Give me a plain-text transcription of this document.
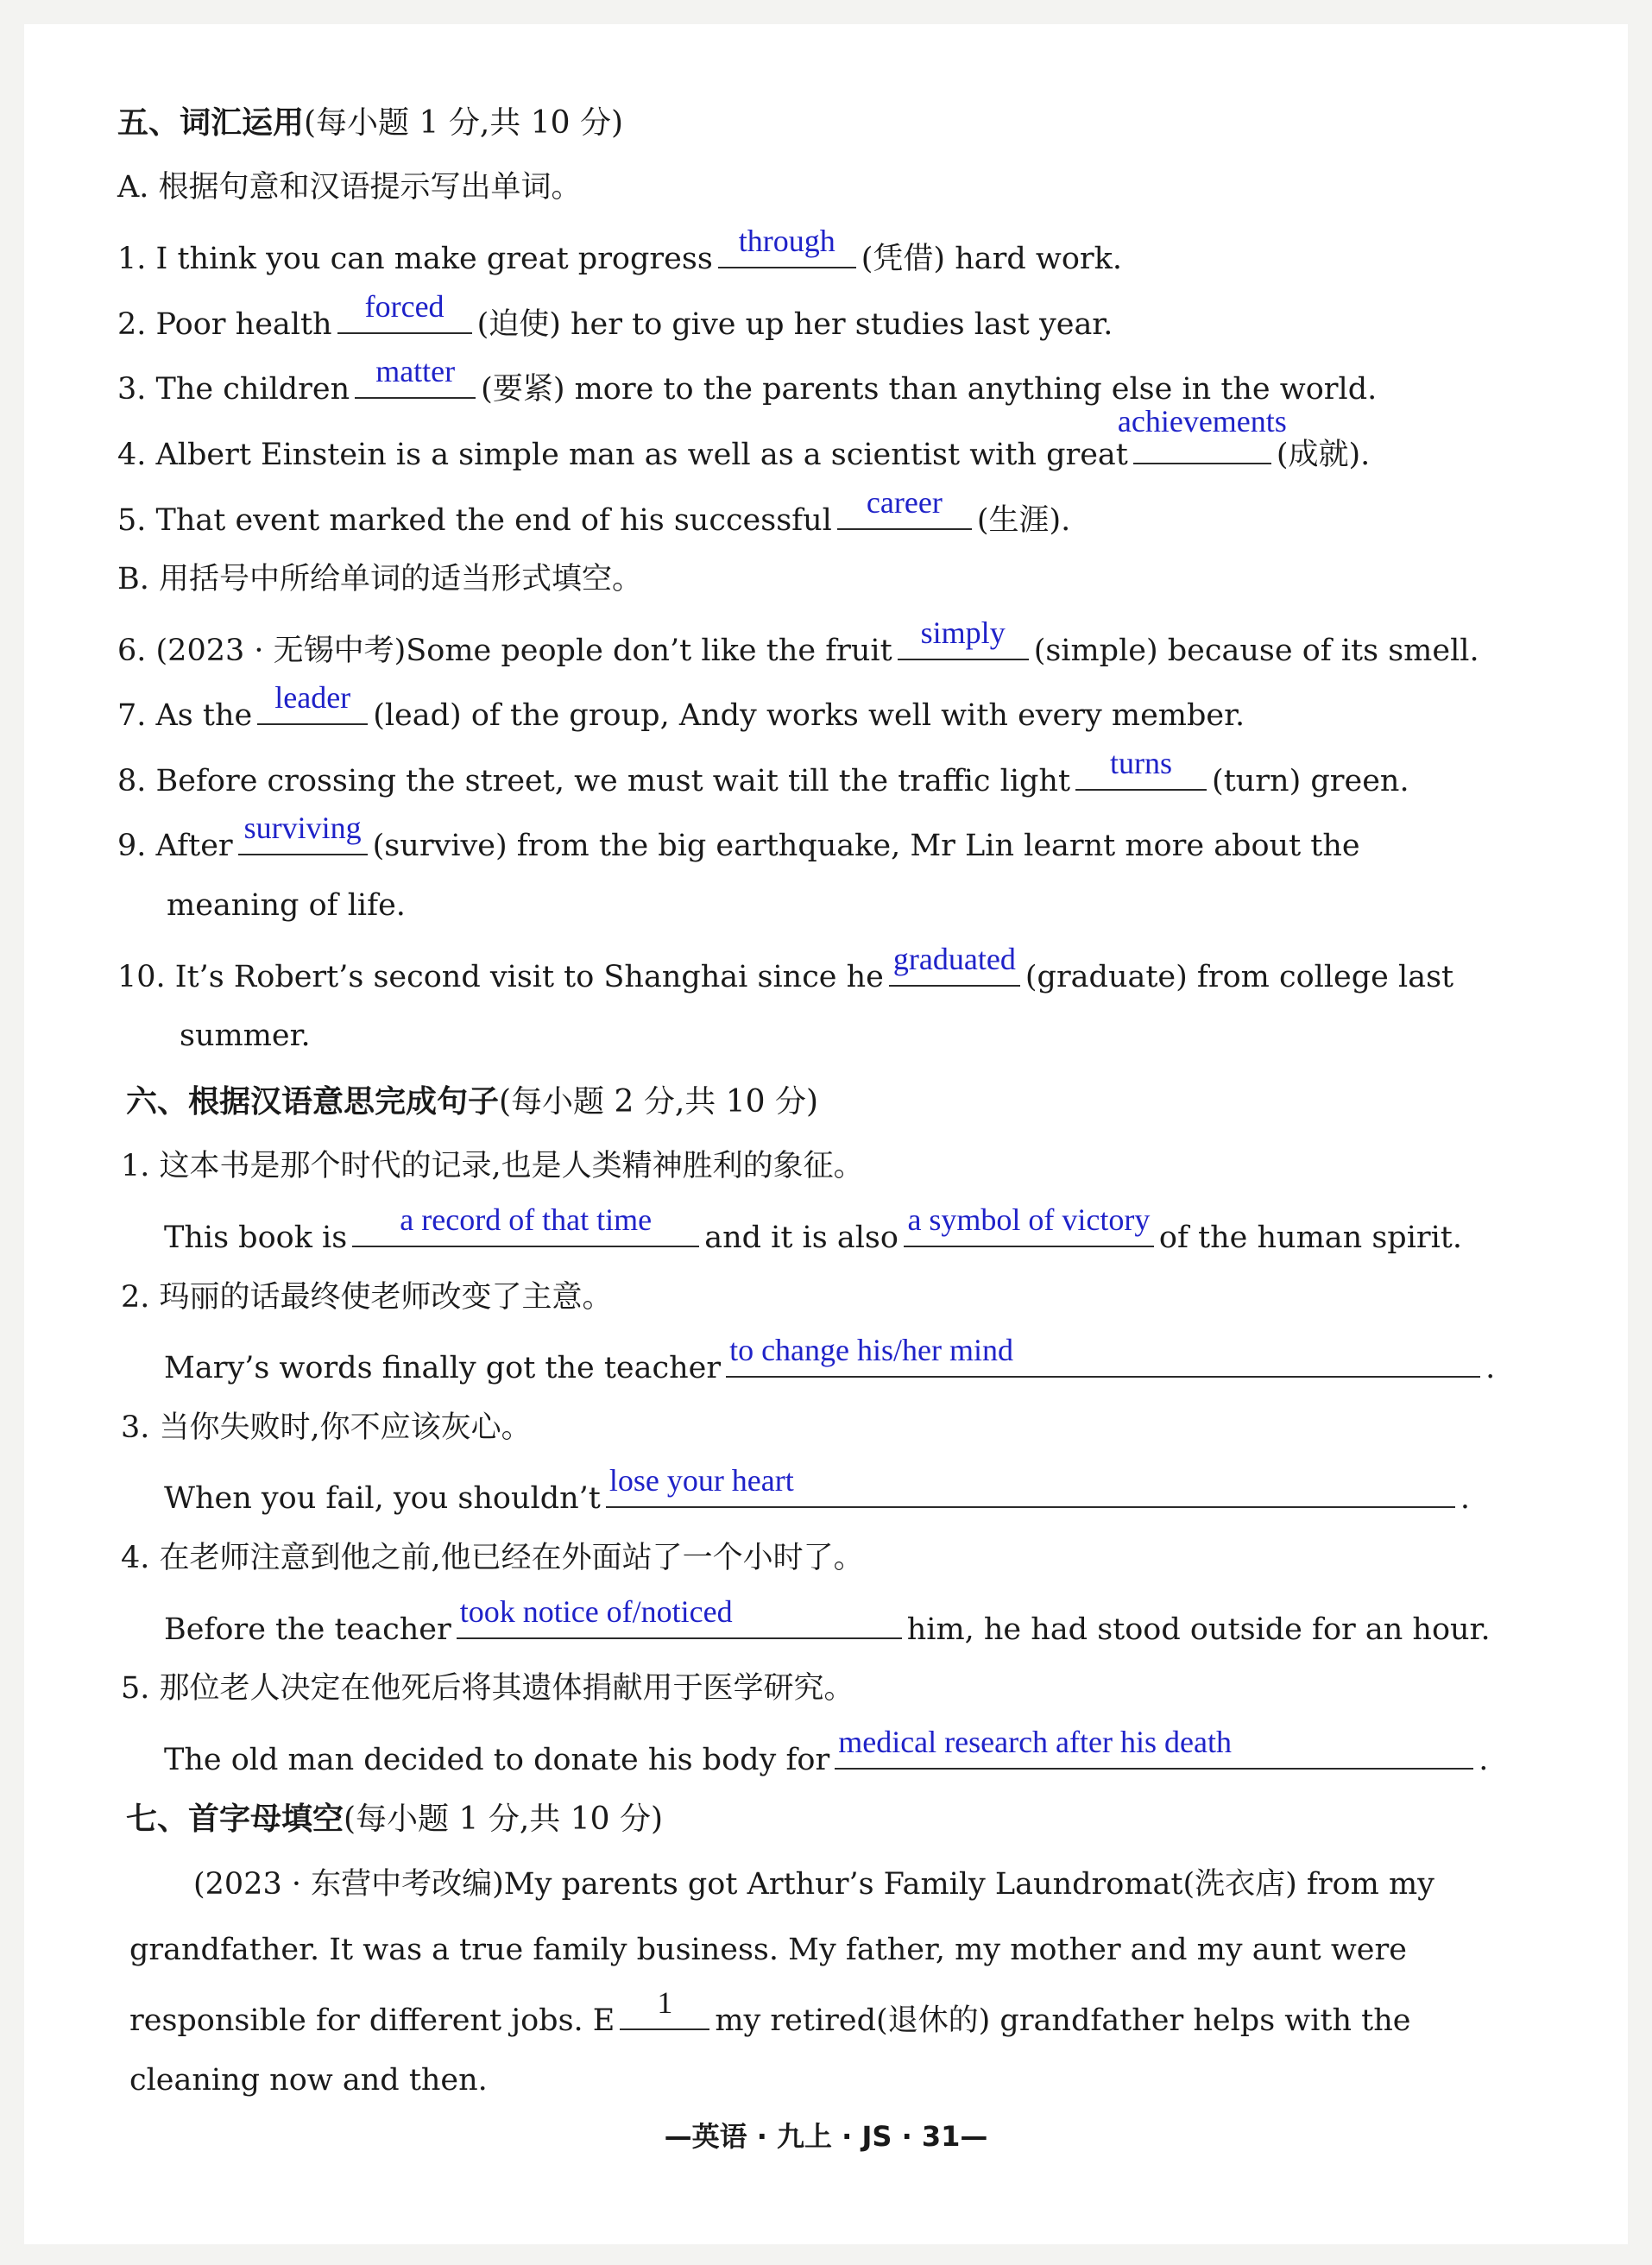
五、词汇运用(每小题 1 分,共 10 分)
A. 根据句意和汉语提示写出单词。
1. I think you can make great progress
through
(凭借) hard work.
2. Poor health
forced
(迫使) her to give up her studies last year.
3. The children
matter
(要紧) more to the parents than anything else in the world.
4. Albert Einstein is a simple man as well as a scientist with great
achievements
(成就).
5. That event marked the end of his successful
career
(生涯).
B. 用括号中所给单词的适当形式填空。
6. (2023 · 无锡中考)Some people don’t like the fruit
simply
(simple) because of its smell.
7. As the
leader
(lead) of the group, Andy works well with every member.
8. Before crossing the street, we must wait till the traffic light
turns
(turn) green.
9. After
surviving
(survive) from the big earthquake, Mr Lin learnt more about the
meaning of life.
10. It’s Robert’s second visit to Shanghai since he
graduated
(graduate) from college last
summer.
六、根据汉语意思完成句子(每小题 2 分,共 10 分)
1. 这本书是那个时代的记录,也是人类精神胜利的象征。
This book is
a record of that time
and it is also
a symbol of victory
of the human spirit.
2. 玛丽的话最终使老师改变了主意。
Mary’s words finally got the teacher
to change his/her mind
.
3. 当你失败时,你不应该灰心。
When you fail, you shouldn’t
lose your heart
.
4. 在老师注意到他之前,他已经在外面站了一个小时了。
Before the teacher
took notice of/noticed
him, he had stood outside for an hour.
5. 那位老人决定在他死后将其遗体捐献用于医学研究。
The old man decided to donate his body for
medical research after his death
.
七、首字母填空(每小题 1 分,共 10 分)
(2023 · 东营中考改编)My parents got Arthur’s Family Laundromat(洗衣店) from my
grandfather. It was a true family business. My father, my mother and my aunt were
responsible for different jobs. E
1
my retired(退休的) grandfather helps with the
cleaning now and then.
—英语 · 九上 · JS · 31—
